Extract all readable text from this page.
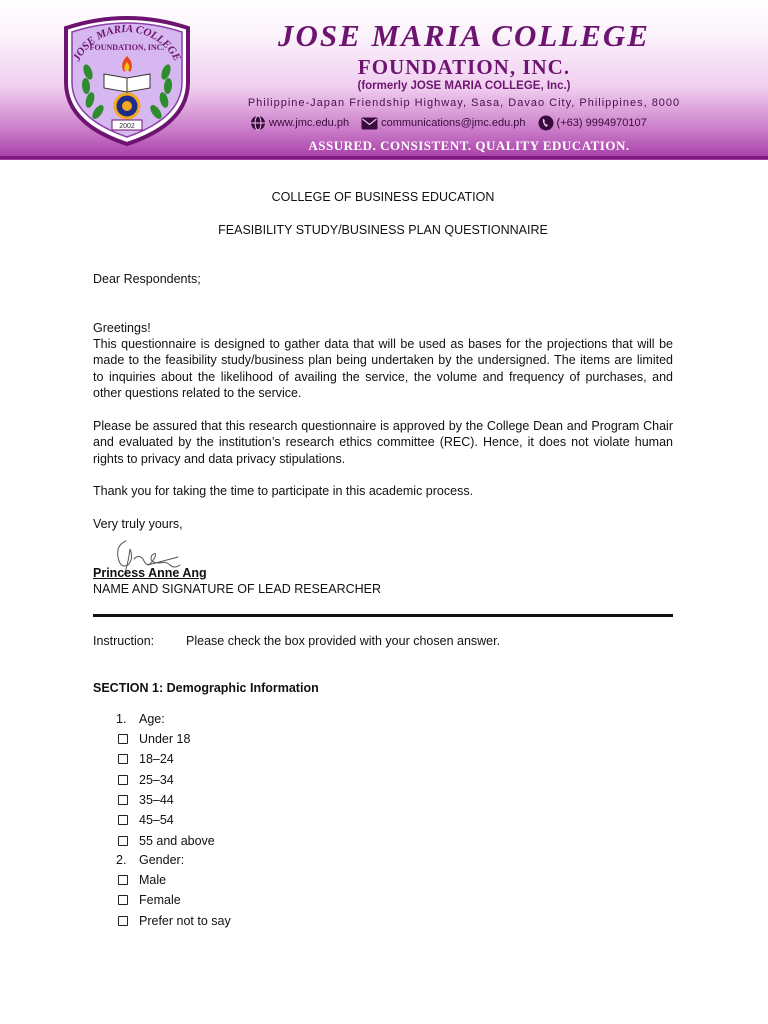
JOSE MARIA COLLEGE
FOUNDATION, INC.
2002
JOSE MARIA COLLEGE
FOUNDATION, INC.
(formerly JOSE MARIA COLLEGE, Inc.)
Philippine-Japan Friendship Highway, Sasa, Davao City, Philippines, 8000
www.jmc.edu.ph	communications@jmc.edu.ph	(+63) 9994970107
ASSURED. CONSISTENT. QUALITY EDUCATION.
COLLEGE OF BUSINESS EDUCATION
FEASIBILITY STUDY/BUSINESS PLAN QUESTIONNAIRE
Dear Respondents;
Greetings!
This questionnaire is designed to gather data that will be used as bases for the projections that will be made to the feasibility study/business plan being undertaken by the undersigned. The items are limited to inquiries about the likelihood of availing the service, the volume and frequency of purchases, and other questions related to the service.
Please be assured that this research questionnaire is approved by the College Dean and Program Chair and evaluated by the institution’s research ethics committee (REC). Hence, it does not violate human rights to privacy and data privacy stipulations.
Thank you for taking the time to participate in this academic process.
Very truly yours,
Princess Anne Ang
NAME AND SIGNATURE OF LEAD RESEARCHER
Instruction:	Please check the box provided with your chosen answer.
SECTION 1: Demographic Information
1. Age:
Under 18
18–24
25–34
35–44
45–54
55 and above
2. Gender:
Male
Female
Prefer not to say
